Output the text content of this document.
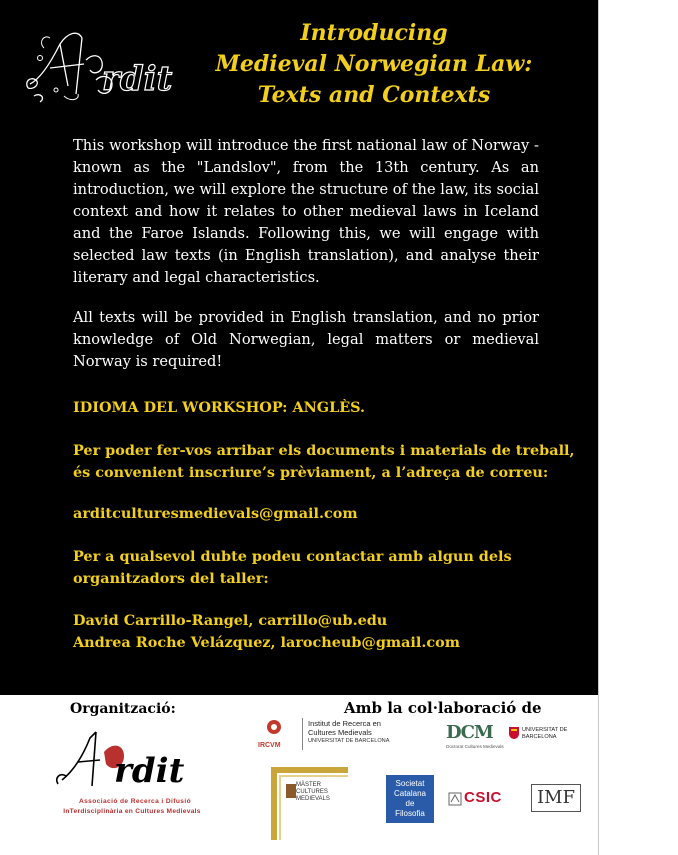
rdit
Introducing
Medieval Norwegian Law:
Texts and Contexts
This workshop will introduce the first national law of Norway - known as the "Landslov", from the 13th century. As an introduction, we will explore the structure of the law, its social context and how it relates to other medieval laws in Iceland and the Faroe Islands. Following this, we will engage with selected law texts (in English translation), and analyse their literary and legal characteristics.
All texts will be provided in English translation, and no prior knowledge of Old Norwegian, legal matters or medieval Norway is required!
IDIOMA DEL WORKSHOP: ANGLÈS.
Per poder fer-vos arribar els documents i materials de treball,
és convenient inscriure’s prèviament, a l’adreça de correu:
arditculturesmedievals@gmail.com
Per a qualsevol dubte podeu contactar amb algun dels
organitzadors del taller:
David Carrillo-Rangel, carrillo@ub.edu
Andrea Roche Velázquez, larocheub@gmail.com
Organització:	Amb la col·laboració de
rdit
Associació de Recerca i Difusió
InTerdisciplinària en Cultures Medievals
IRCVM
Institut de Recerca en
Cultures Medievals
UNIVERSITAT DE BARCELONA	DCM
Doctorat Cultures Medievals
UNIVERSITAT DE
BARCELONA
MÀSTER
CULTURES
MEDIEVALS
Societat
Catalana
de
Filosofia
CSIC IMF
